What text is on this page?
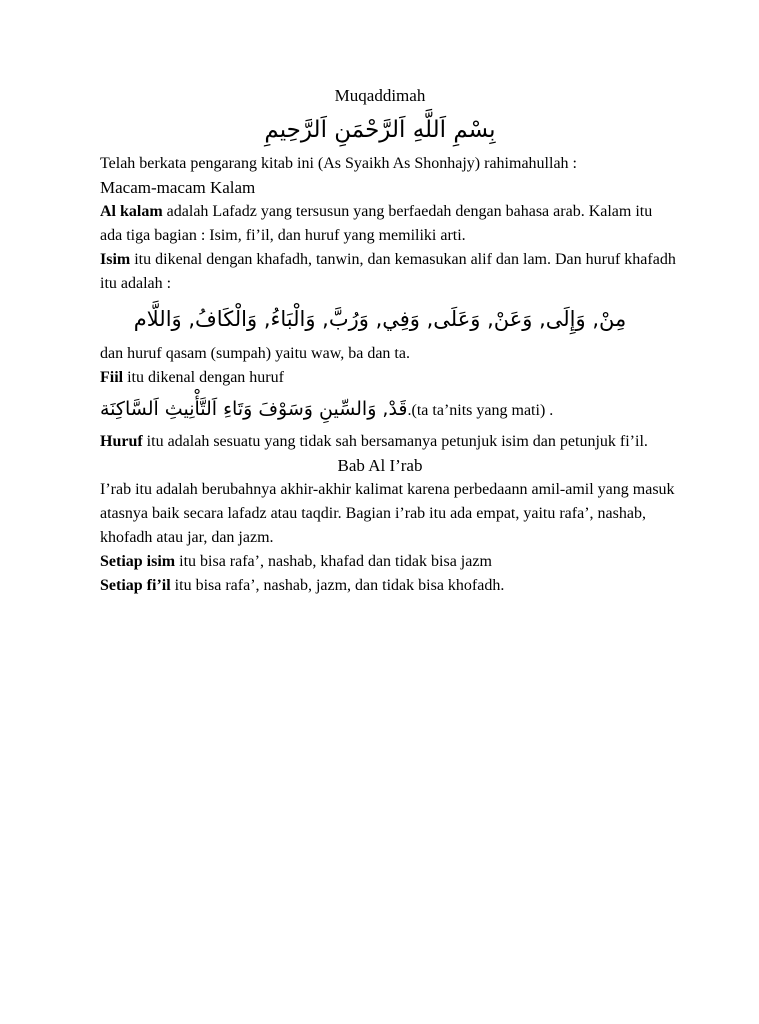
Muqaddimah

بِسْمِ اَللَّهِ اَلرَّحْمَنِ اَلرَّحِيمِ

Telah berkata pengarang kitab ini (As Syaikh As Shonhajy) rahimahullah :

Macam-macam Kalam

Al kalam adalah Lafadz yang tersusun yang berfaedah dengan bahasa arab. Kalam itu
ada tiga bagian : Isim, fi’il, dan huruf yang memiliki arti.

Isim itu dikenal dengan khafadh, tanwin, dan kemasukan alif dan lam. Dan huruf khafadh
itu adalah :

مِنْ, وَإِلَى, وَعَنْ, وَعَلَى, وَفِي, وَرُبَّ, وَالْبَاءُ, وَالْكَافُ, وَاللَّام

dan huruf qasam (sumpah) yaitu waw, ba dan ta.

Fiil itu dikenal dengan huruf

قَدْ, وَالسِّينِ وَسَوْفَ وَتَاءِ اَلتَّأْنِيثِ اَلسَّاكِنَة.(ta ta’nits yang mati) .

Huruf itu adalah sesuatu yang tidak sah bersamanya petunjuk isim dan petunjuk fi’il.

Bab Al I’rab

I’rab itu adalah berubahnya akhir-akhir kalimat karena perbedaann amil-amil yang masuk
atasnya baik secara lafadz atau taqdir. Bagian i’rab itu ada empat, yaitu rafa’, nashab,
khofadh atau jar, dan jazm.

Setiap isim itu bisa rafa’, nashab, khafad dan tidak bisa jazm

Setiap fi’il itu bisa rafa’, nashab, jazm, dan tidak bisa khofadh.
